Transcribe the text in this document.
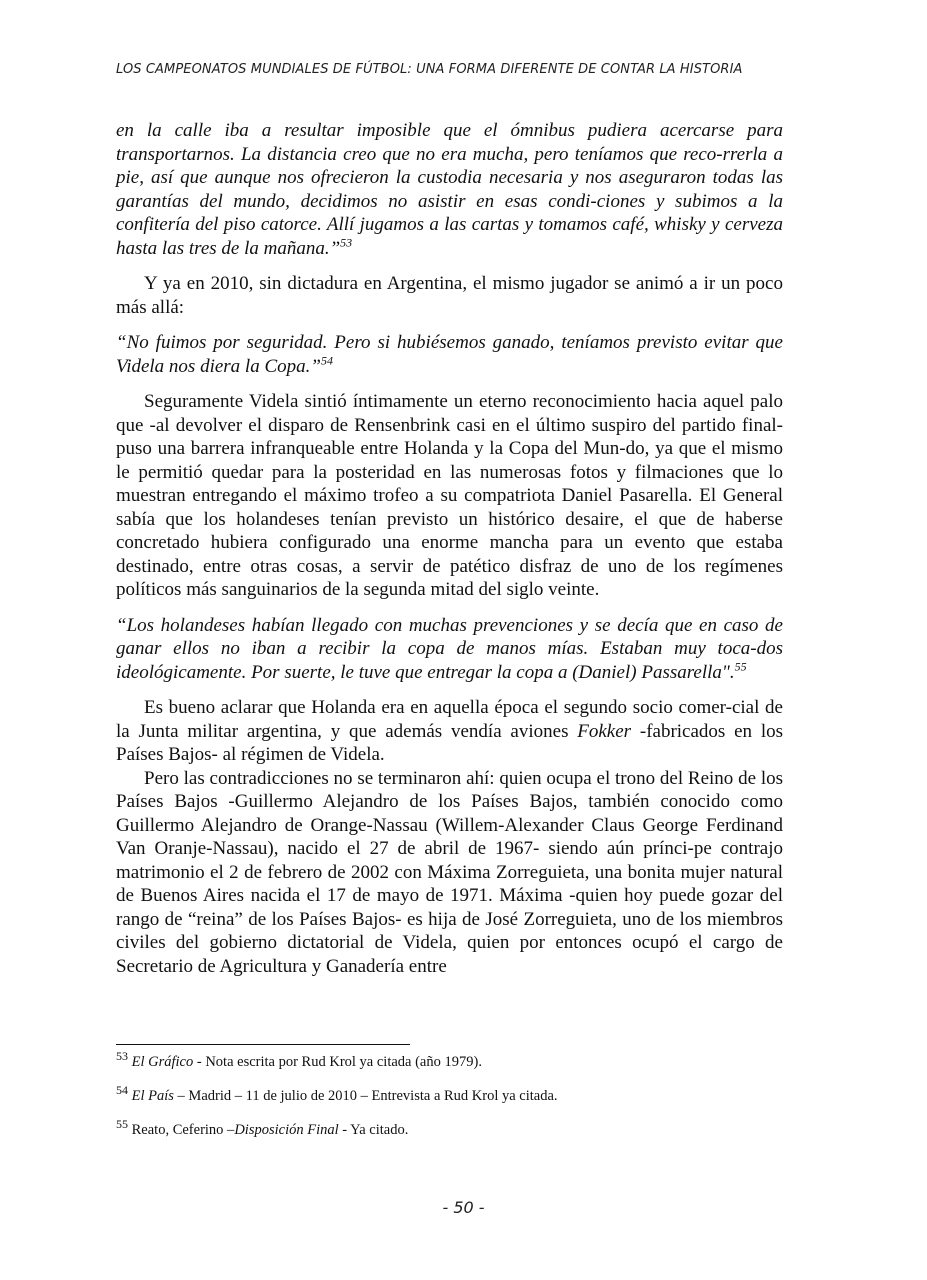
LOS CAMPEONATOS MUNDIALES DE FÚTBOL: UNA FORMA DIFERENTE DE CONTAR LA HISTORIA

en la calle iba a resultar imposible que el ómnibus pudiera acercarse para transportarnos. La distancia creo que no era mucha, pero teníamos que reco-rrerla a pie, así que aunque nos ofrecieron la custodia necesaria y nos aseguraron todas las garantías del mundo, decidimos no asistir en esas condi-ciones y subimos a la confitería del piso catorce. Allí jugamos a las cartas y tomamos café, whisky y cerveza hasta las tres de la mañana.”$^{53}$

Y ya en 2010, sin dictadura en Argentina, el mismo jugador se animó a ir un poco más allá:

“No fuimos por seguridad. Pero si hubiésemos ganado, teníamos previsto evitar que Videla nos diera la Copa.”$^{54}$

Seguramente Videla sintió íntimamente un eterno reconocimiento hacia aquel palo que -al devolver el disparo de Rensenbrink casi en el último suspiro del partido final- puso una barrera infranqueable entre Holanda y la Copa del Mun-do, ya que el mismo le permitió quedar para la posteridad en las numerosas fotos y filmaciones que lo muestran entregando el máximo trofeo a su compatriota Daniel Pasarella. El General sabía que los holandeses tenían previsto un histórico desaire, el que de haberse concretado hubiera configurado una enorme mancha para un evento que estaba destinado, entre otras cosas, a servir de patético disfraz de uno de los regímenes políticos más sanguinarios de la segunda mitad del siglo veinte.

“Los holandeses habían llegado con muchas prevenciones y se decía que en caso de ganar ellos no iban a recibir la copa de manos mías. Estaban muy toca-dos ideológicamente. Por suerte, le tuve que entregar la copa a (Daniel) Passarella".$^{55}$

Es bueno aclarar que Holanda era en aquella época el segundo socio comer-cial de la Junta militar argentina, y que además vendía aviones Fokker -fabricados en los Países Bajos- al régimen de Videla.

Pero las contradicciones no se terminaron ahí: quien ocupa el trono del Reino de los Países Bajos -Guillermo Alejandro de los Países Bajos, también conocido como Guillermo Alejandro de Orange-Nassau (Willem-Alexander Claus George Ferdinand Van Oranje-Nassau), nacido el 27 de abril de 1967- siendo aún prínci-pe contrajo matrimonio el 2 de febrero de 2002 con Máxima Zorreguieta, una bonita mujer natural de Buenos Aires nacida el 17 de mayo de 1971. Máxima -quien hoy puede gozar del rango de “reina” de los Países Bajos- es hija de José Zorreguieta, uno de los miembros civiles del gobierno dictatorial de Videla, quien por entonces ocupó el cargo de Secretario de Agricultura y Ganadería entre

$^{53}$ El Gráfico - Nota escrita por Rud Krol ya citada (año 1979).

$^{54}$ El País – Madrid – 11 de julio de 2010 – Entrevista a Rud Krol ya citada.

$^{55}$ Reato, Ceferino –Disposición Final - Ya citado.

- 50 -
